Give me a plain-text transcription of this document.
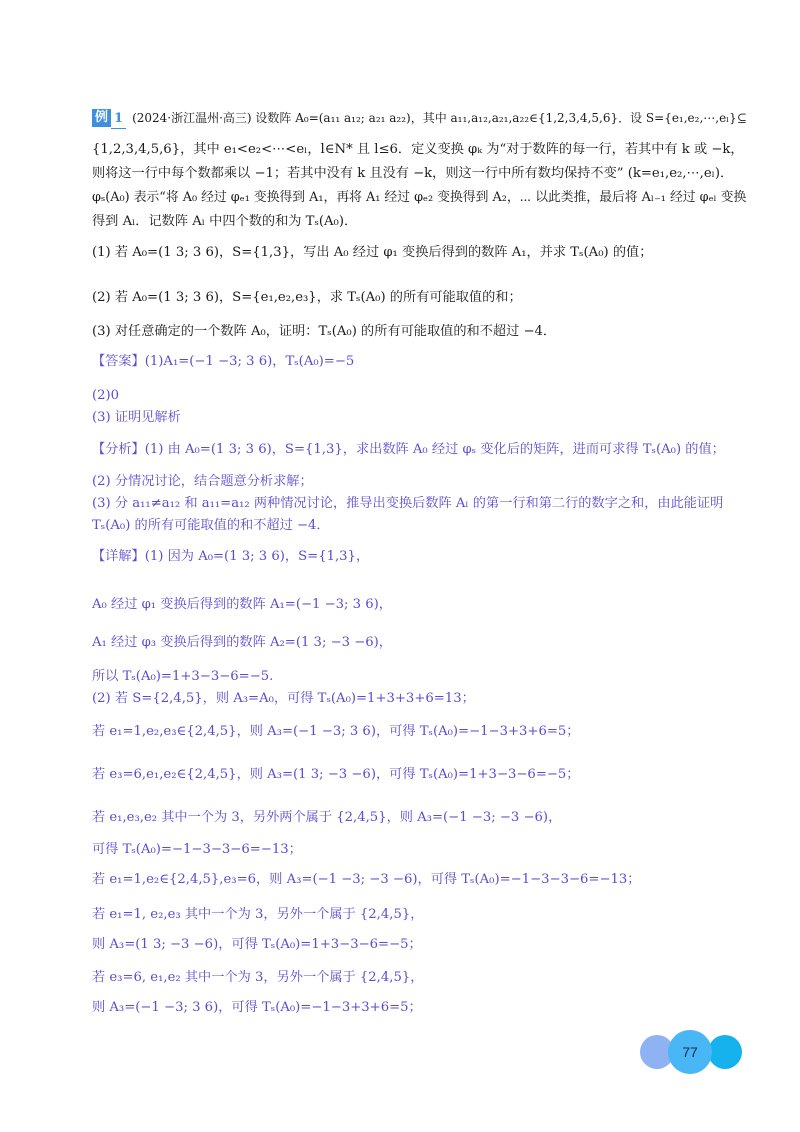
例 1 (2024·浙江温州·高三) 设数阵 A₀=(a₁₁ a₁₂; a₂₁ a₂₂)，其中 a₁₁,a₁₂,a₂₁,a₂₂∈{1,2,3,4,5,6}．设 S={e₁,e₂,⋯,eₗ}⊆
{1,2,3,4,5,6}，其中 e₁<e₂<⋯<eₗ，l∈N* 且 l≤6．定义变换 φₖ 为“对于数阵的每一行，若其中有 k 或 −k，
则将这一行中每个数都乘以 −1；若其中没有 k 且没有 −k，则这一行中所有数均保持不变” (k=e₁,e₂,⋯,eₗ)．
φₛ(A₀) 表示“将 A₀ 经过 φₑ₁ 变换得到 A₁，再将 A₁ 经过 φₑ₂ 变换得到 A₂，⋯ 以此类推，最后将 Aₗ₋₁ 经过 φₑₗ 变换
得到 Aₗ．记数阵 Aₗ 中四个数的和为 Tₛ(A₀)．
(1) 若 A₀=(1 3; 3 6)，S={1,3}，写出 A₀ 经过 φ₁ 变换后得到的数阵 A₁，并求 Tₛ(A₀) 的值；
(2) 若 A₀=(1 3; 3 6)，S={e₁,e₂,e₃}，求 Tₛ(A₀) 的所有可能取值的和；
(3) 对任意确定的一个数阵 A₀，证明：Tₛ(A₀) 的所有可能取值的和不超过 −4．
【答案】(1)A₁=(−1 −3; 3 6)，Tₛ(A₀)=−5
(2)0
(3) 证明见解析
【分析】(1) 由 A₀=(1 3; 3 6)，S={1,3}，求出数阵 A₀ 经过 φₛ 变化后的矩阵，进而可求得 Tₛ(A₀) 的值；
(2) 分情况讨论，结合题意分析求解；
(3) 分 a₁₁≠a₁₂ 和 a₁₁=a₁₂ 两种情况讨论，推导出变换后数阵 Aₗ 的第一行和第二行的数字之和，由此能证明
Tₛ(A₀) 的所有可能取值的和不超过 −4．
【详解】(1) 因为 A₀=(1 3; 3 6)，S={1,3}，
A₀ 经过 φ₁ 变换后得到的数阵 A₁=(−1 −3; 3 6)，
A₁ 经过 φ₃ 变换后得到的数阵 A₂=(1 3; −3 −6)，
所以 Tₛ(A₀)=1+3−3−6=−5.
(2) 若 S={2,4,5}，则 A₃=A₀，可得 Tₛ(A₀)=1+3+3+6=13；
若 e₁=1,e₂,e₃∈{2,4,5}，则 A₃=(−1 −3; 3 6)，可得 Tₛ(A₀)=−1−3+3+6=5；
若 e₃=6,e₁,e₂∈{2,4,5}，则 A₃=(1 3; −3 −6)，可得 Tₛ(A₀)=1+3−3−6=−5；
若 e₁,e₃,e₂ 其中一个为 3，另外两个属于 {2,4,5}，则 A₃=(−1 −3; −3 −6)，
可得 Tₛ(A₀)=−1−3−3−6=−13；
若 e₁=1,e₂∈{2,4,5},e₃=6，则 A₃=(−1 −3; −3 −6)，可得 Tₛ(A₀)=−1−3−3−6=−13；
若 e₁=1, e₂,e₃ 其中一个为 3，另外一个属于 {2,4,5}，
则 A₃=(1 3; −3 −6)，可得 Tₛ(A₀)=1+3−3−6=−5；
若 e₃=6, e₁,e₂ 其中一个为 3，另外一个属于 {2,4,5}，
则 A₃=(−1 −3; 3 6)，可得 Tₛ(A₀)=−1−3+3+6=5；
77
